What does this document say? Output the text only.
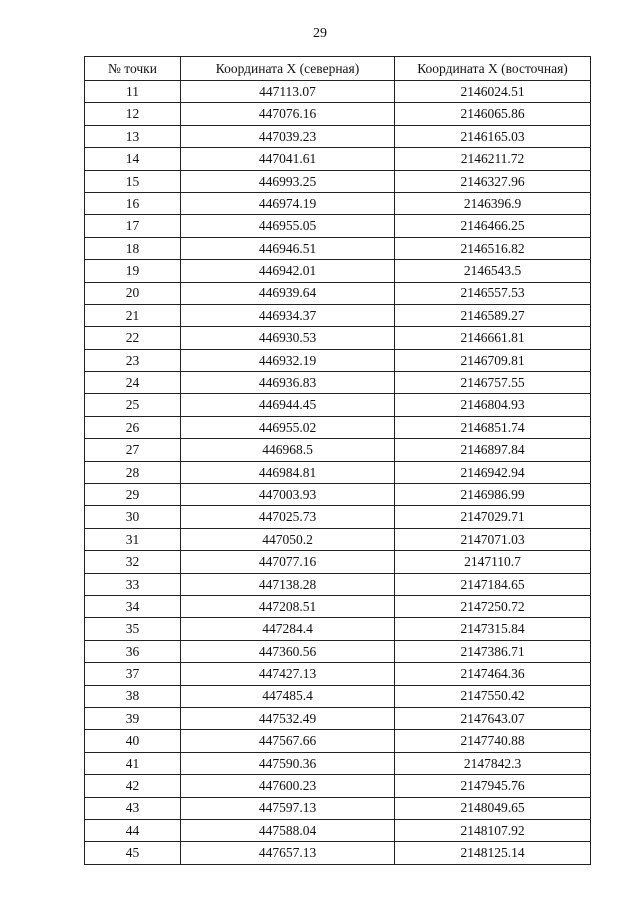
29
№ точки	Координата X (северная)	Координата X (восточная)
11	447113.07	2146024.51
12	447076.16	2146065.86
13	447039.23	2146165.03
14	447041.61	2146211.72
15	446993.25	2146327.96
16	446974.19	2146396.9
17	446955.05	2146466.25
18	446946.51	2146516.82
19	446942.01	2146543.5
20	446939.64	2146557.53
21	446934.37	2146589.27
22	446930.53	2146661.81
23	446932.19	2146709.81
24	446936.83	2146757.55
25	446944.45	2146804.93
26	446955.02	2146851.74
27	446968.5	2146897.84
28	446984.81	2146942.94
29	447003.93	2146986.99
30	447025.73	2147029.71
31	447050.2	2147071.03
32	447077.16	2147110.7
33	447138.28	2147184.65
34	447208.51	2147250.72
35	447284.4	2147315.84
36	447360.56	2147386.71
37	447427.13	2147464.36
38	447485.4	2147550.42
39	447532.49	2147643.07
40	447567.66	2147740.88
41	447590.36	2147842.3
42	447600.23	2147945.76
43	447597.13	2148049.65
44	447588.04	2148107.92
45	447657.13	2148125.14
